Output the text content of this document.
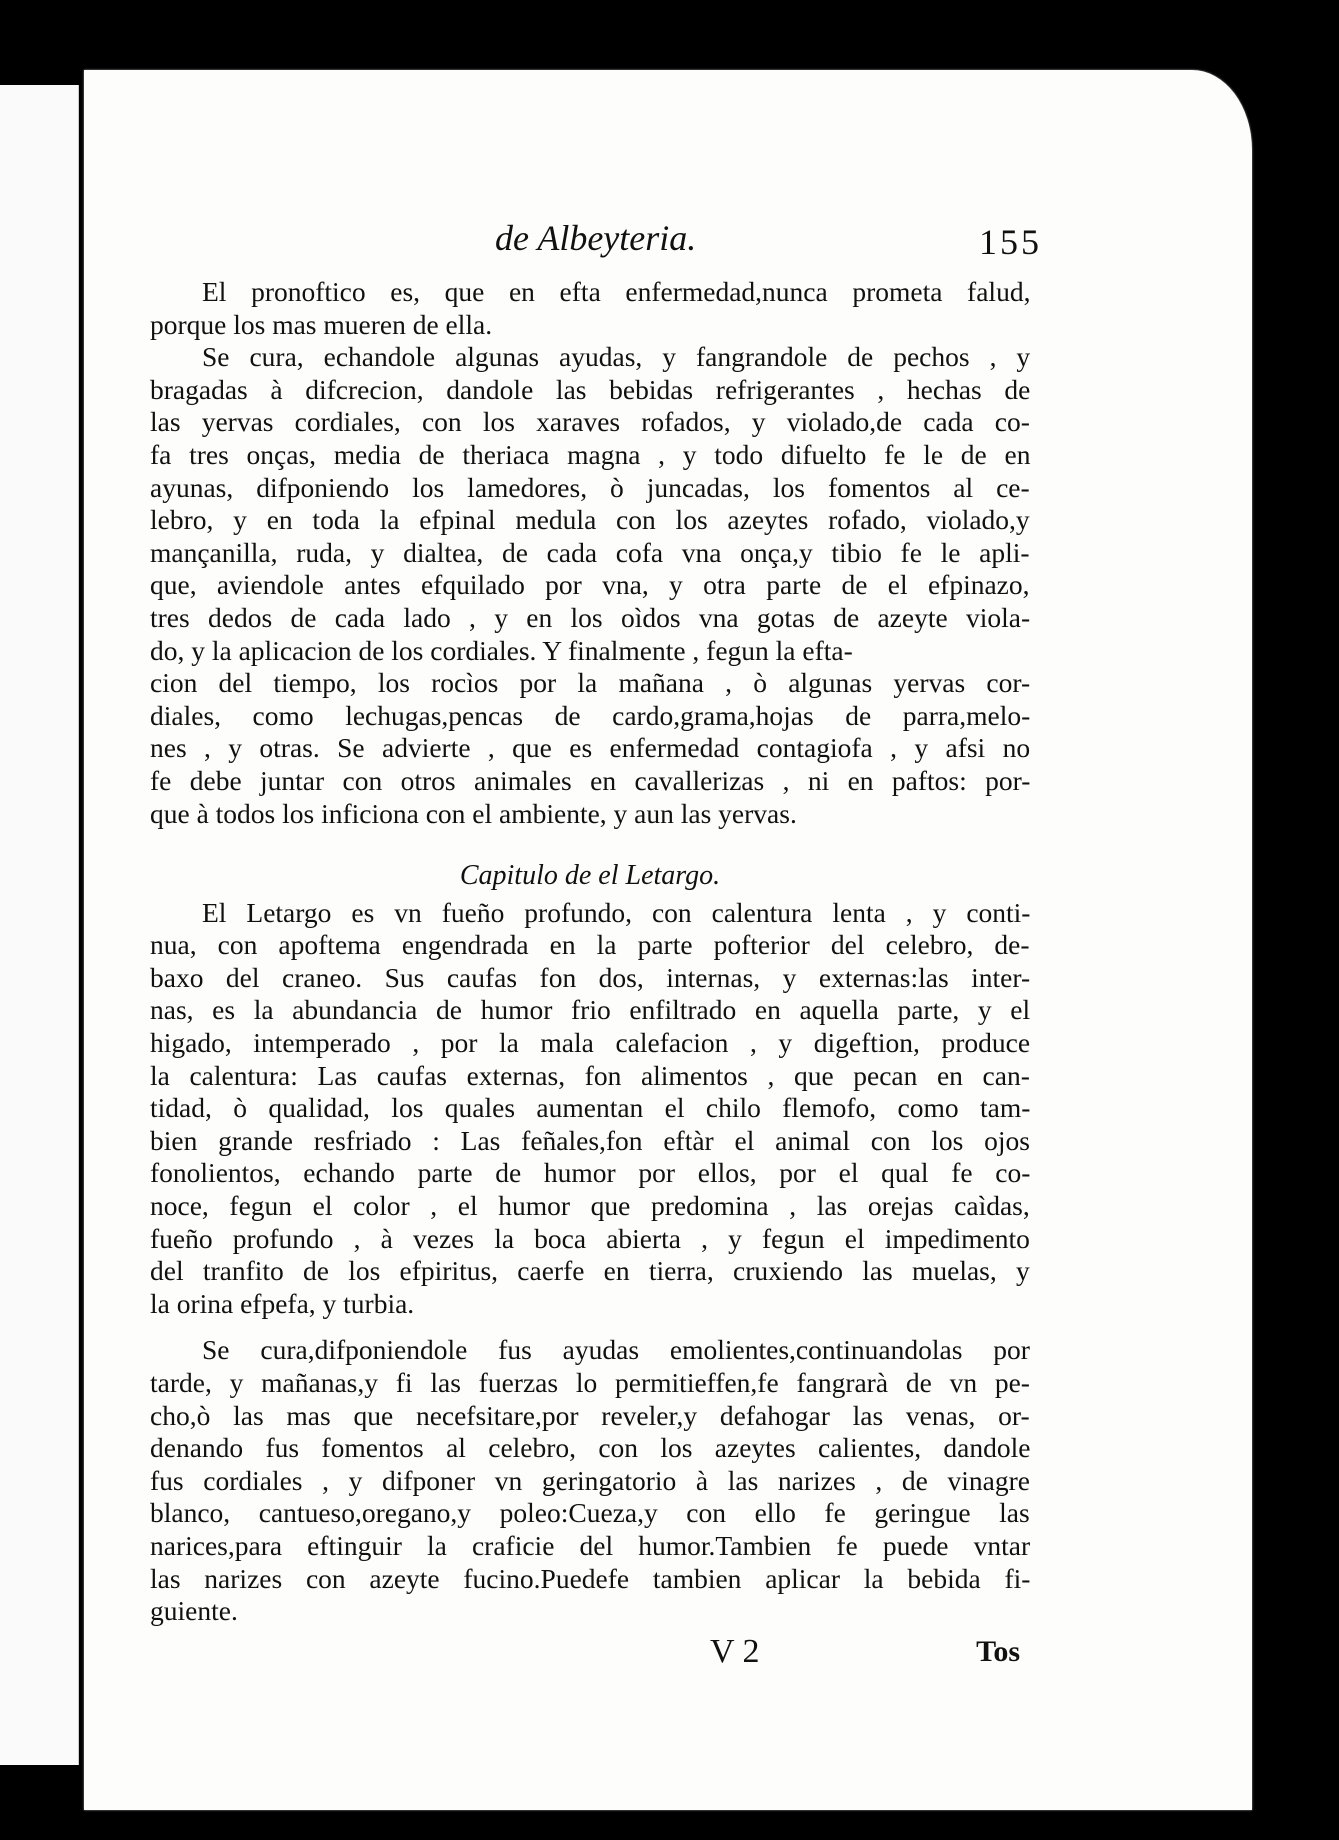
de Albeyteria.	155

El pronoftico es, que en efta enfermedad,nunca prometa falud,
porque los mas mueren de ella.

Se cura, echandole algunas ayudas, y fangrandole de pechos , y
bragadas à difcrecion, dandole las bebidas refrigerantes , hechas de
las yervas cordiales, con los xaraves rofados, y violado,de cada co-
fa tres onças, media de theriaca magna , y todo difuelto fe le de en
ayunas, difponiendo los lamedores, ò juncadas, los fomentos al ce-
lebro, y en toda la efpinal medula con los azeytes rofado, violado,y
mançanilla, ruda, y dialtea, de cada cofa vna onça,y tibio fe le apli-
que, aviendole antes efquilado por vna, y otra parte de el efpinazo,
tres dedos de cada lado , y en los oìdos vna gotas de azeyte viola-
do, y la aplicacion de los cordiales. Y finalmente , fegun la efta-
cion del tiempo, los rocìos por la mañana , ò algunas yervas cor-
diales, como lechugas,pencas de cardo,grama,hojas de parra,melo-
nes , y otras. Se advierte , que es enfermedad contagiofa , y afsi no
fe debe juntar con otros animales en cavallerizas , ni en paftos: por-
que à todos los inficiona con el ambiente, y aun las yervas.

Capitulo de el Letargo.

El Letargo es vn fueño profundo, con calentura lenta , y conti-
nua, con apoftema engendrada en la parte pofterior del celebro, de-
baxo del craneo. Sus caufas fon dos, internas, y externas:las inter-
nas, es la abundancia de humor frio enfiltrado en aquella parte, y el
higado, intemperado , por la mala calefacion , y digeftion, produce
la calentura: Las caufas externas, fon alimentos , que pecan en can-
tidad, ò qualidad, los quales aumentan el chilo flemofo, como tam-
bien grande resfriado : Las feñales,fon eftàr el animal con los ojos
fonolientos, echando parte de humor por ellos, por el qual fe co-
noce, fegun el color , el humor que predomina , las orejas caìdas,
fueño profundo , à vezes la boca abierta , y fegun el impedimento
del tranfito de los efpiritus, caerfe en tierra, cruxiendo las muelas, y
la orina efpefa, y turbia.

Se cura,difponiendole fus ayudas emolientes,continuandolas por
tarde, y mañanas,y fi las fuerzas lo permitieffen,fe fangrarà de vn pe-
cho,ò las mas que necefsitare,por reveler,y defahogar las venas, or-
denando fus fomentos al celebro, con los azeytes calientes, dandole
fus cordiales , y difponer vn geringatorio à las narizes , de vinagre
blanco, cantueso,oregano,y poleo:Cueza,y con ello fe geringue las
narices,para eftinguir la craficie del humor.Tambien fe puede vntar
las narizes con azeyte fucino.Puedefe tambien aplicar la bebida fi-
guiente.

V 2	Tos
